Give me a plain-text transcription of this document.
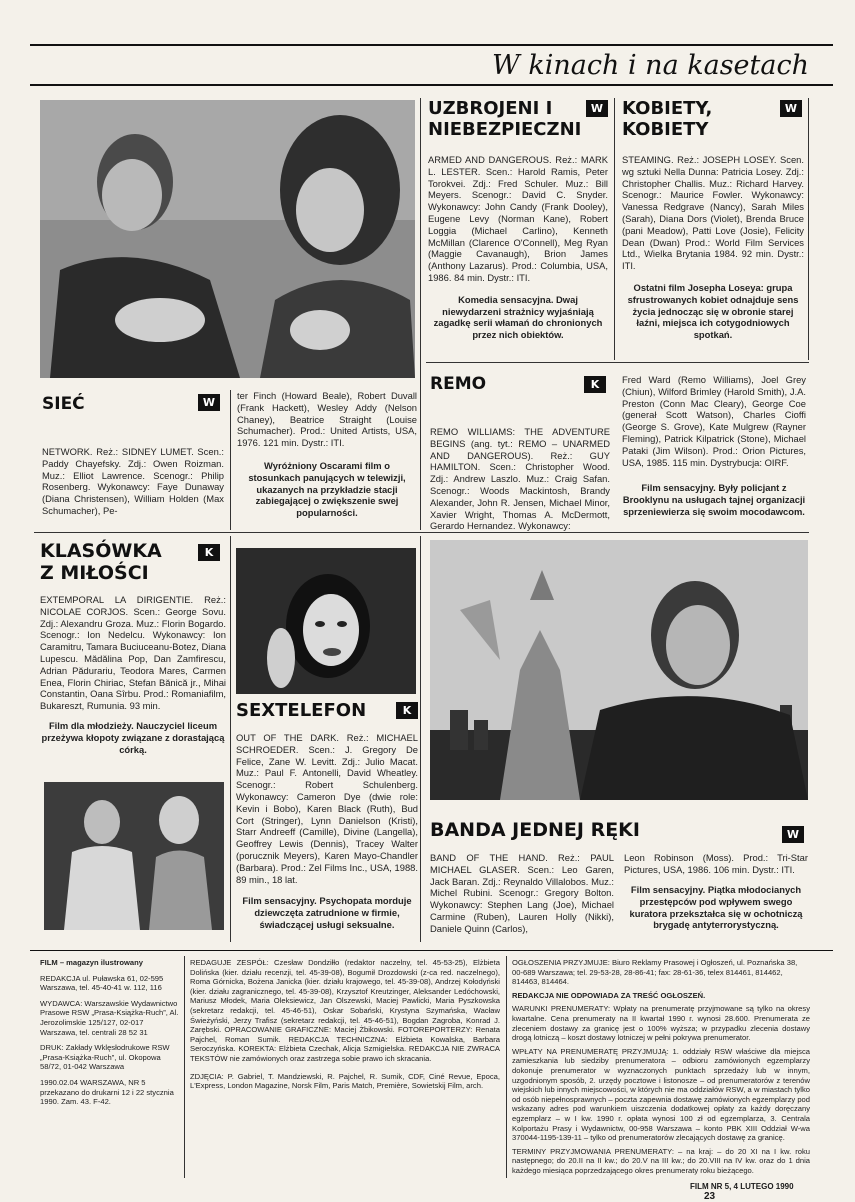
W kinach i na kasetach
UZBROJENI I NIEBEZPIECZNI
W
ARMED AND DANGEROUS. Reż.: MARK L. LESTER. Scen.: Harold Ramis, Peter Torokvei. Zdj.: Fred Schuler. Muz.: Bill Meyers. Scenogr.: David C. Snyder. Wykonawcy: John Candy (Frank Dooley), Eugene Levy (Norman Kane), Robert Loggia (Michael Carlino), Kenneth McMillan (Clarence O'Connell), Meg Ryan (Maggie Cavanaugh), Brion James (Anthony Lazarus). Prod.: Columbia, USA, 1986. 84 min. Dystr.: ITI.
Komedia sensacyjna. Dwaj niewydarzeni strażnicy wyjaśniają zagadkę serii włamań do chronionych przez nich obiektów.
KOBIETY, KOBIETY
W
STEAMING. Reż.: JOSEPH LOSEY. Scen. wg sztuki Nella Dunna: Patricia Losey. Zdj.: Christopher Challis. Muz.: Richard Harvey. Scenogr.: Maurice Fowler. Wykonawcy: Vanessa Redgrave (Nancy), Sarah Miles (Sarah), Diana Dors (Violet), Brenda Bruce (pani Meadow), Patti Love (Josie), Felicity Dean (Dwan) Prod.: World Film Services Ltd., Wielka Brytania 1984. 92 min. Dystr.: ITI.
Ostatni film Josepha Loseya: grupa sfrustrowanych kobiet odnajduje sens życia jednocząc się w obronie starej łaźni, miejsca ich cotygodniowych spotkań.
SIEĆ	W
NETWORK. Reż.: SIDNEY LUMET. Scen.: Paddy Chayefsky. Zdj.: Owen Roizman. Muz.: Elliot Lawrence. Scenogr.: Philip Rosenberg. Wykonawcy: Faye Dunaway (Diana Christensen), William Holden (Max Schumacher), Pe-
ter Finch (Howard Beale), Robert Duvall (Frank Hackett), Wesley Addy (Nelson Chaney), Beatrice Straight (Louise Schumacher). Prod.: United Artists, USA, 1976. 121 min. Dystr.: ITI.
Wyróżniony Oscarami film o stosunkach panujących w telewizji, ukazanych na przykładzie stacji zabiegającej o zwiększenie swej popularności.
REMO	K
REMO WILLIAMS: THE ADVENTURE BEGINS (ang. tyt.: REMO – UNARMED AND DANGEROUS). Reż.: GUY HAMILTON. Scen.: Christopher Wood. Zdj.: Andrew Laszlo. Muz.: Craig Safan. Scenogr.: Woods Mackintosh, Brandy Alexander, John R. Jensen, Michael Minor, Xavier Wright, Thomas A. McDermott, Gerardo Hernandez. Wykonawcy:
Fred Ward (Remo Williams), Joel Grey (Chiun), Wilford Brimley (Harold Smith), J.A. Preston (Conn Mac Cleary), George Coe (generał Scott Watson), Charles Cioffi (George S. Grove), Kate Mulgrew (Rayner Fleming), Patrick Kilpatrick (Stone), Michael Pataki (Jim Wilson). Prod.: Orion Pictures, USA, 1985. 115 min. Dystrybucja: OIRF.
Film sensacyjny. Były policjant z Brooklynu na usługach tajnej organizacji sprzeniewierza się swoim mocodawcom.
KLASÓWKA
Z MIŁOŚCI
K
EXTEMPORAL LA DIRIGENTIE. Reż.: NICOLAE CORJOS. Scen.: George Sovu. Zdj.: Alexandru Groza. Muz.: Florin Bogardo. Scenogr.: Ion Nedelcu. Wykonawcy: Ion Caramitru, Tamara Buciuceanu-Botez, Diana Lupescu. Mădălina Pop, Dan Zamfirescu, Adrian Pădurariu, Teodora Mares, Carmen Enea, Florin Chiriac, Stefan Bănică jr., Mihai Constantin, Oana Sîrbu. Prod.: Romaniafilm, Bukareszt, Rumunia. 93 min.
Film dla młodzieży. Nauczyciel liceum przeżywa kłopoty związane z dorastającą córką.
SEXTELEFON	K
OUT OF THE DARK. Reż.: MICHAEL SCHROEDER. Scen.: J. Gregory De Felice, Zane W. Levitt. Zdj.: Julio Macat. Muz.: Paul F. Antonelli, David Wheatley. Scenogr.: Robert Schulenberg. Wykonawcy: Cameron Dye (dwie role: Kevin i Bobo), Karen Black (Ruth), Bud Cort (Stringer), Lynn Danielson (Kristi), Starr Andreeff (Camille), Divine (Langella), Geoffrey Lewis (Dennis), Tracey Walter (porucznik Meyers), Karen Mayo-Chandler (Barbara). Prod.: Zel Films Inc., USA, 1988. 89 min., 18 lat.
Film sensacyjny. Psychopata morduje dziewczęta zatrudnione w firmie, świadczącej usługi seksualne.
BANDA JEDNEJ RĘKI	W
BAND OF THE HAND. Reż.: PAUL MICHAEL GLASER. Scen.: Leo Garen, Jack Baran. Zdj.: Reynaldo Villalobos. Muz.: Michel Rubini. Scenogr.: Gregory Bolton. Wykonawcy: Stephen Lang (Joe), Michael Carmine (Ruben), Lauren Holly (Nikki), Daniele Quinn (Carlos),
Leon Robinson (Moss). Prod.: Tri-Star Pictures, USA, 1986. 106 min. Dystr.: ITI.
Film sensacyjny. Piątka młodocianych przestępców pod wpływem swego kuratora przekształca się w ochotniczą brygadę antyterrorystyczną.
FILM – magazyn ilustrowany
REDAKCJA ul. Puławska 61, 02-595 Warszawa, tel. 45-40-41 w. 112, 116
WYDAWCA: Warszawskie Wydawnictwo Prasowe RSW „Prasa-Książka-Ruch”, Al. Jerozolimskie 125/127, 02-017 Warszawa, tel. centrali 28 52 31
DRUK: Zakłady Wklęsłodrukowe RSW „Prasa-Książka-Ruch”, ul. Okopowa 58/72, 01-042 Warszawa
1990.02.04 WARSZAWA, NR 5 przekazano do drukarni 12 i 22 stycznia 1990. Zam. 43. F-42.
REDAGUJE ZESPÓŁ: Czesław Dondziłło (redaktor naczelny, tel. 45-53-25), Elżbieta Dolińska (kier. działu recenzji, tel. 45-39-08), Bogumił Drozdowski (z-ca red. naczelnego), Roma Górnicka, Bożena Janicka (kier. działu krajowego, tel. 45-39-08), Andrzej Kołodyński (kier. działu zagranicznego, tel. 45-39-08), Krzysztof Kreutzinger, Aleksander Ledóchowski, Mariusz Młodek, Maria Oleksiewicz, Jan Olszewski, Maciej Pawlicki, Maria Pyszkowska (sekretarz redakcji, tel. 45-46-51), Oskar Sobański, Krystyna Szymańska, Wacław Świeżyński, Jerzy Trafisz (sekretarz redakcji, tel. 45-46-51), Bogdan Zagroba, Konrad J. Zarębski. OPRACOWANIE GRAFICZNE: Maciej Żbikowski. FOTOREPORTERZY: Renata Pajchel, Roman Sumik. REDAKCJA TECHNICZNA: Elżbieta Kowalska, Barbara Seroczyńska. KOREKTA: Elżbieta Czechak, Alicja Szmigielska. REDAKCJA NIE ZWRACA TEKSTÓW nie zamówionych oraz zastrzega sobie prawo ich skracania.
ZDJĘCIA: P. Gabriel, T. Mandziewski, R. Pajchel, R. Sumik, CDF, Ciné Revue, Epoca, L'Express, London Magazine, Norsk Film, Paris Match, Première, Sowietskij Film, arch.
OGŁOSZENIA PRZYJMUJE: Biuro Reklamy Prasowej i Ogłoszeń, ul. Poznańska 38, 00-689 Warszawa; tel. 29-53-28, 28-86-41; fax: 28-61-36, telex 814461, 814462, 814463, 814464.
REDAKCJA NIE ODPOWIADA ZA TREŚĆ OGŁOSZEŃ.
WARUNKI PRENUMERATY: Wpłaty na prenumeratę przyjmowane są tylko na okresy kwartalne. Cena prenumeraty na II kwartał 1990 r. wynosi 28.600. Prenumerata ze zleceniem dostawy za granicę jest o 100% wyższa; w przypadku zlecenia dostawy drogą lotniczą – koszt dostawy lotniczej w pełni pokrywa prenumerator.
WPŁATY NA PRENUMERATĘ PRZYJMUJĄ: 1. oddziały RSW właściwe dla miejsca zamieszkania lub siedziby prenumeratora – odbioru zamówionych egzemplarzy dokonuje prenumerator w wyznaczonych punktach sprzedaży lub w innym, uzgodnionym sposób, 2. urzędy pocztowe i listonosze – od prenumeratorów z terenów wiejskich lub innych miejscowości, w których nie ma oddziałów RSW, a w miastach tylko od osób niepełnosprawnych – poczta zapewnia dostawę zamówionych egzemplarzy pod wskazany adres pod warunkiem uiszczenia dodatkowej opłaty za każdy doręczany egzemplarz – w I kw. 1990 r. opłata wynosi 100 zł od egzemplarza, 3. Centrala Kolportażu Prasy i Wydawnictw, 00-958 Warszawa – konto PBK XIII Oddział W-wa 370044-1195-139-11 – tylko od prenumeratorów zlecających dostawę za granicę.
TERMINY PRZYJMOWANIA PRENUMERATY: – na kraj: – do 20 XI na I kw. roku następnego; do 20.II na II kw.; do 20.V na III kw.; do 20.VIII na IV kw. oraz do 1 dnia każdego miesiąca poprzedzającego okres prenumeraty roku bieżącego.
FILM NR 5, 4 LUTEGO 1990 23
